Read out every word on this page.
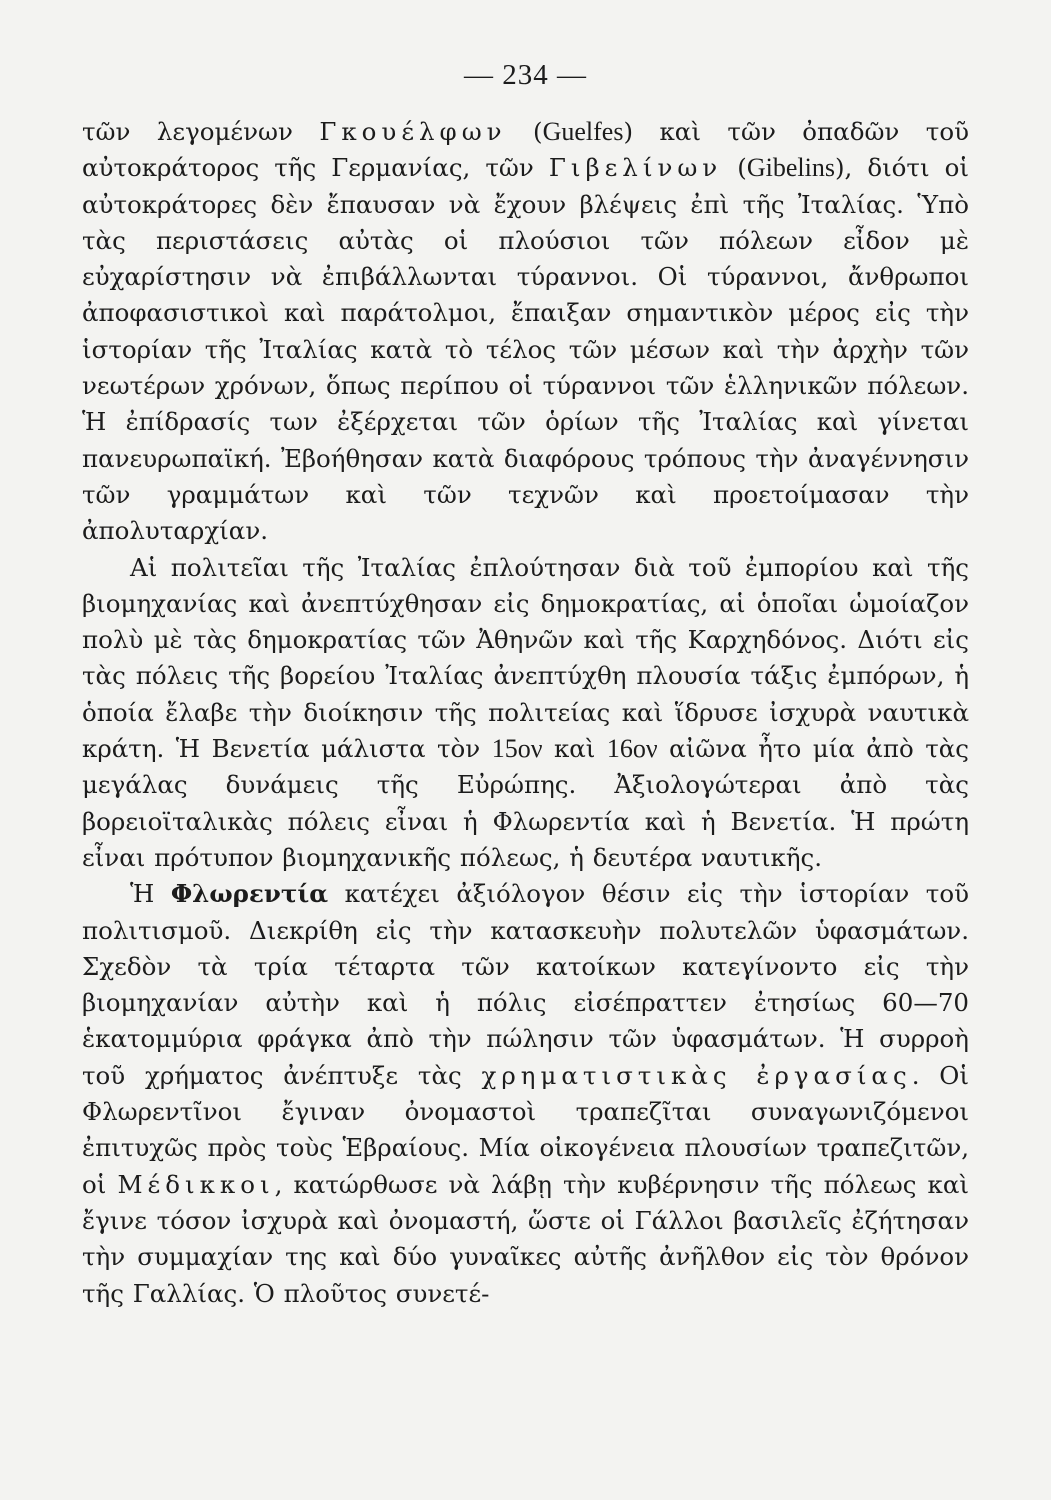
— 234 —

τῶν λεγομένων Γκουέλφων (Guelfes) καὶ τῶν ὀπαδῶν τοῦ αὐτοκράτορος τῆς Γερμανίας, τῶν Γιβελίνων (Gibelins), διότι οἱ αὐτοκράτορες δὲν ἔπαυσαν νὰ ἔχουν βλέψεις ἐπὶ τῆς Ἰταλίας. Ὑπὸ τὰς περιστάσεις αὐτὰς οἱ πλούσιοι τῶν πόλεων εἶδον μὲ εὐχαρίστησιν νὰ ἐπιβάλλωνται τύραννοι. Οἱ τύραννοι, ἄνθρωποι ἀποφασιστικοὶ καὶ παράτολμοι, ἔπαιξαν σημαντικὸν μέρος εἰς τὴν ἱστορίαν τῆς Ἰταλίας κατὰ τὸ τέλος τῶν μέσων καὶ τὴν ἀρχὴν τῶν νεωτέρων χρόνων, ὅπως περίπου οἱ τύραννοι τῶν ἑλληνικῶν πόλεων. Ἡ ἐπίδρασίς των ἐξέρχεται τῶν ὁρίων τῆς Ἰταλίας καὶ γίνεται πανευρωπαϊκή. Ἐβοήθησαν κατὰ διαφόρους τρόπους τὴν ἀναγέννησιν τῶν γραμμάτων καὶ τῶν τεχνῶν καὶ προετοίμασαν τὴν ἀπολυταρχίαν.

Αἱ πολιτεῖαι τῆς Ἰταλίας ἐπλούτησαν διὰ τοῦ ἐμπορίου καὶ τῆς βιομηχανίας καὶ ἀνεπτύχθησαν εἰς δημοκρατίας, αἱ ὁποῖαι ὡμοίαζον πολὺ μὲ τὰς δημοκρατίας τῶν Ἀθηνῶν καὶ τῆς Καρχηδόνος. Διότι εἰς τὰς πόλεις τῆς βορείου Ἰταλίας ἀνεπτύχθη πλουσία τάξις ἐμπόρων, ἡ ὁποία ἔλαβε τὴν διοίκησιν τῆς πολιτείας καὶ ἵδρυσε ἰσχυρὰ ναυτικὰ κράτη. Ἡ Βενετία μάλιστα τὸν 15ον καὶ 16ον αἰῶνα ἦτο μία ἀπὸ τὰς μεγάλας δυνάμεις τῆς Εὐρώπης. Ἀξιολογώτεραι ἀπὸ τὰς βορειοϊταλικὰς πόλεις εἶναι ἡ Φλωρεντία καὶ ἡ Βενετία. Ἡ πρώτη εἶναι πρότυπον βιομηχανικῆς πόλεως, ἡ δευτέρα ναυτικῆς.

Ἡ Φλωρεντία κατέχει ἀξιόλογον θέσιν εἰς τὴν ἱστορίαν τοῦ πολιτισμοῦ. Διεκρίθη εἰς τὴν κατασκευὴν πολυτελῶν ὑφασμάτων. Σχεδὸν τὰ τρία τέταρτα τῶν κατοίκων κατεγίνοντο εἰς τὴν βιομηχανίαν αὐτὴν καὶ ἡ πόλις εἰσέπραττεν ἐτησίως 60—70 ἑκατομμύρια φράγκα ἀπὸ τὴν πώλησιν τῶν ὑφασμάτων. Ἡ συρροὴ τοῦ χρήματος ἀνέπτυξε τὰς χρηματιστικὰς ἐργασίας. Οἱ Φλωρεντῖνοι ἔγιναν ὀνομαστοὶ τραπεζῖται συναγωνιζόμενοι ἐπιτυχῶς πρὸς τοὺς Ἑβραίους. Μία οἰκογένεια πλουσίων τραπεζιτῶν, οἱ Μέδικκοι, κατώρθωσε νὰ λάβῃ τὴν κυβέρνησιν τῆς πόλεως καὶ ἔγινε τόσον ἰσχυρὰ καὶ ὀνομαστή, ὥστε οἱ Γάλλοι βασιλεῖς ἐζήτησαν τὴν συμμαχίαν της καὶ δύο γυναῖκες αὐτῆς ἀνῆλθον εἰς τὸν θρόνον τῆς Γαλλίας. Ὁ πλοῦτος συνετέ-
